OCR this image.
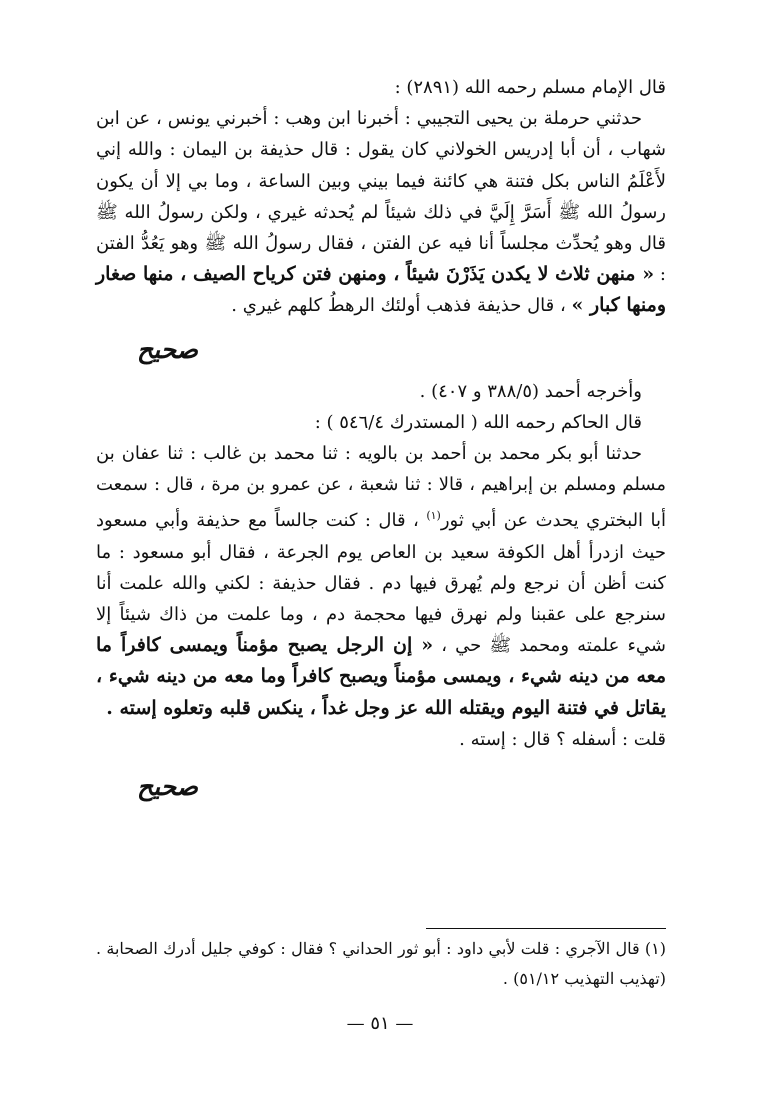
قال الإمام مسلم رحمه الله (٢٨٩١) :

حدثني حرملة بن يحيى التجيبي : أخبرنا ابن وهب : أخبرني يونس ، عن ابن شهاب ، أن أبا إدريس الخولاني كان يقول : قال حذيفة بن اليمان : والله إني لأَعْلَمُ الناس بكل فتنة هي كائنة فيما بيني وبين الساعة ، وما بي إلا أن يكون رسولُ الله ﷺ أَسَرَّ إِلَيَّ في ذلك شيئاً لم يُحدثه غيري ، ولكن رسولُ الله ﷺ قال وهو يُحدِّث مجلساً أنا فيه عن الفتن ، فقال رسولُ الله ﷺ وهو يَعُدُّ الفتن : « منهن ثلاث لا يكدن يَذَرْنَ شيئاً ، ومنهن فتن كرياح الصيف ، منها صغار ومنها كبار » ، قال حذيفة فذهب أولئك الرهطُ كلهم غيري .

صحيح

وأخرجه أحمد (٣٨٨/٥ و ٤٠٧) .

قال الحاكم رحمه الله ( المستدرك ٥٤٦/٤ ) :

حدثنا أبو بكر محمد بن أحمد بن بالويه : ثنا محمد بن غالب : ثنا عفان بن مسلم ومسلم بن إبراهيم ، قالا : ثنا شعبة ، عن عمرو بن مرة ، قال : سمعت أبا البختري يحدث عن أبي ثور$^{(١)}$ ، قال : كنت جالساً مع حذيفة وأبي مسعود حيث ازدرأ أهل الكوفة سعيد بن العاص يوم الجرعة ، فقال أبو مسعود : ما كنت أظن أن نرجع ولم يُهرق فيها دم . فقال حذيفة : لكني والله علمت أنا سنرجع على عقبنا ولم نهرق فيها محجمة دم ، وما علمت من ذاك شيئاً إلا شيء علمته ومحمد ﷺ حي ، « إن الرجل يصبح مؤمناً ويمسى كافراً ما معه من دينه شيء ، ويمسى مؤمناً ويصبح كافراً وما معه من دينه شيء ، يقاتل في فتنة اليوم ويقتله الله عز وجل غداً ، ينكس قلبه وتعلوه إسته .

قلت : أسفله ؟ قال : إسته .

صحيح
(١) قال الآجري : قلت لأبي داود : أبو ثور الحداني ؟ فقال : كوفي جليل أدرك الصحابة . (تهذيب التهذيب ٥١/١٢) .
— ٥١ —
